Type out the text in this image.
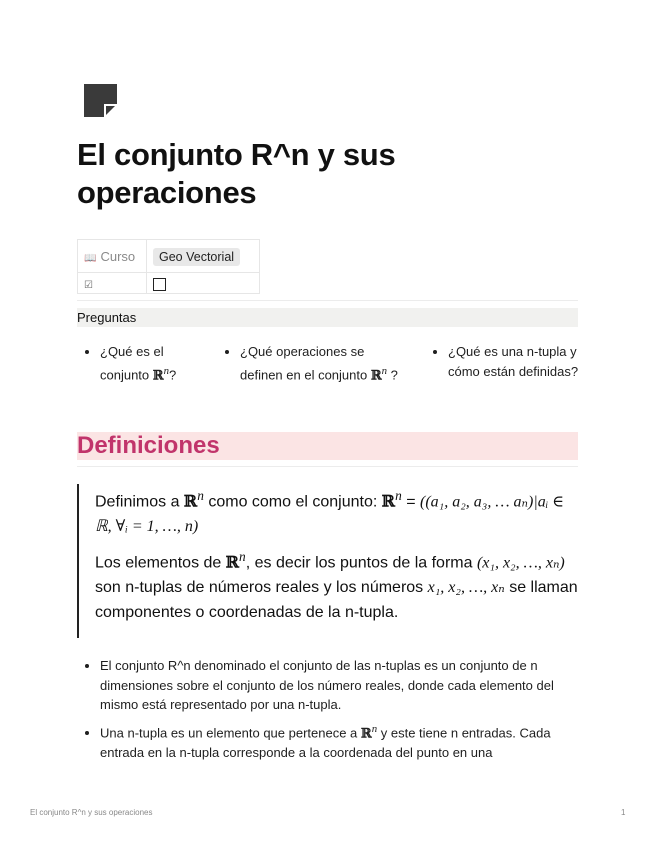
El conjunto R^n y sus operaciones
📖 Curso	Geo Vectorial
☑	
Preguntas
• ¿Qué es el conjunto ℝ$^n$?
• ¿Qué operaciones se definen en el conjunto ℝ$^n$ ?
• ¿Qué es una n-tupla y cómo están definidas?
Definiciones

Definimos a ℝ$^n$ como como el conjunto: ℝ$^n$ = ((a₁, a₂, a₃, … aₙ)|aᵢ ∈ ℝ, ∀ᵢ = 1, …, n)

Los elementos de ℝ$^n$, es decir los puntos de la forma (x₁, x₂, …, xₙ) son n-tuplas de números reales y los números x₁, x₂, …, xₙ se llaman componentes o coordenadas de la n-tupla.

• El conjunto R^n denominado el conjunto de las n-tuplas es un conjunto de n dimensiones sobre el conjunto de los número reales, donde cada elemento del mismo está representado por una n-tupla.
• Una n-tupla es un elemento que pertenece a ℝ$^n$ y este tiene n entradas. Cada entrada en la n-tupla corresponde a la coordenada del punto en una
El conjunto R^n y sus operaciones	1
